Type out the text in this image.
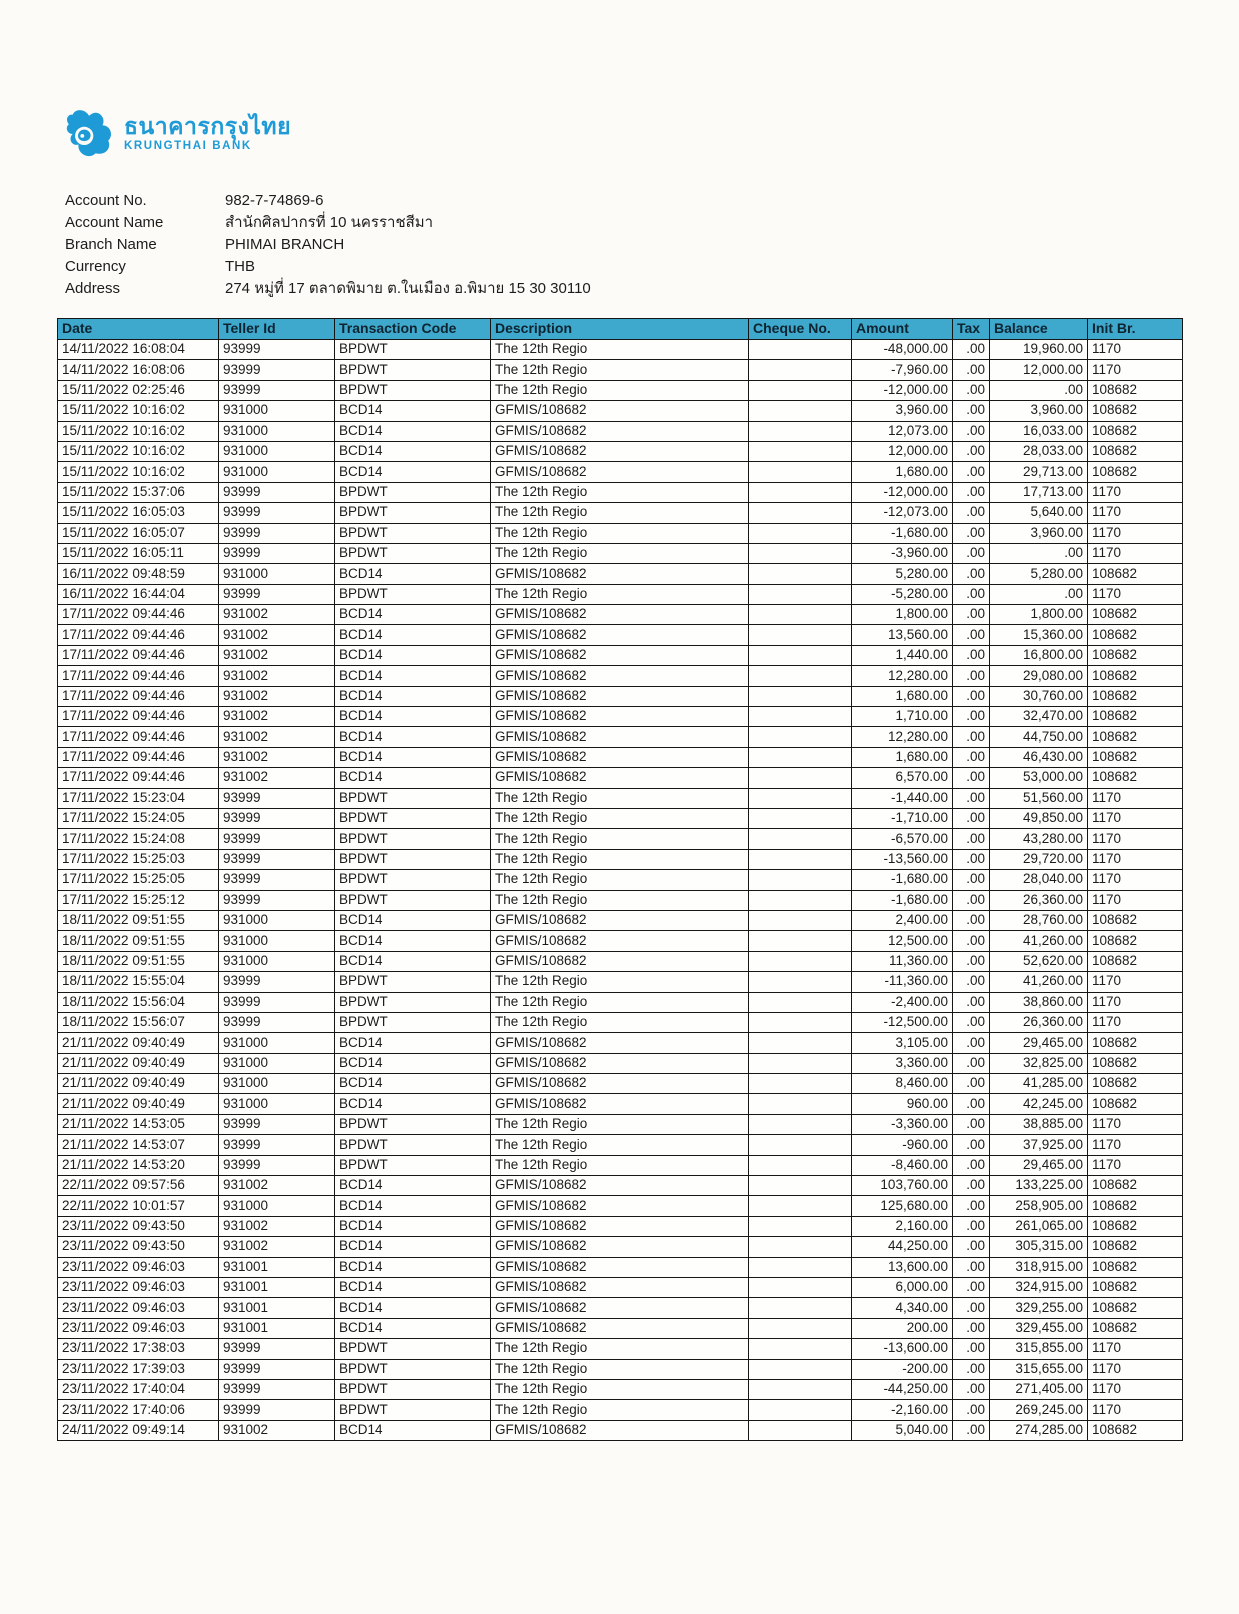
ธนาคารกรุงไทย
KRUNGTHAI BANK
Account No.	982-7-74869-6
Account Name	สำนักศิลปากรที่ 10 นครราชสีมา
Branch Name	PHIMAI BRANCH
Currency	THB
Address	274 หมู่ที่ 17 ตลาดพิมาย ต.ในเมือง อ.พิมาย 15 30 30110
Date	Teller Id	Transaction Code	Description	Cheque No.	Amount	Tax	Balance	Init Br.
14/11/2022 16:08:04	93999	BPDWT	The 12th Regio		-48,000.00	.00	19,960.00	1170
14/11/2022 16:08:06	93999	BPDWT	The 12th Regio		-7,960.00	.00	12,000.00	1170
15/11/2022 02:25:46	93999	BPDWT	The 12th Regio		-12,000.00	.00	.00	108682
15/11/2022 10:16:02	931000	BCD14	GFMIS/108682		3,960.00	.00	3,960.00	108682
15/11/2022 10:16:02	931000	BCD14	GFMIS/108682		12,073.00	.00	16,033.00	108682
15/11/2022 10:16:02	931000	BCD14	GFMIS/108682		12,000.00	.00	28,033.00	108682
15/11/2022 10:16:02	931000	BCD14	GFMIS/108682		1,680.00	.00	29,713.00	108682
15/11/2022 15:37:06	93999	BPDWT	The 12th Regio		-12,000.00	.00	17,713.00	1170
15/11/2022 16:05:03	93999	BPDWT	The 12th Regio		-12,073.00	.00	5,640.00	1170
15/11/2022 16:05:07	93999	BPDWT	The 12th Regio		-1,680.00	.00	3,960.00	1170
15/11/2022 16:05:11	93999	BPDWT	The 12th Regio		-3,960.00	.00	.00	1170
16/11/2022 09:48:59	931000	BCD14	GFMIS/108682		5,280.00	.00	5,280.00	108682
16/11/2022 16:44:04	93999	BPDWT	The 12th Regio		-5,280.00	.00	.00	1170
17/11/2022 09:44:46	931002	BCD14	GFMIS/108682		1,800.00	.00	1,800.00	108682
17/11/2022 09:44:46	931002	BCD14	GFMIS/108682		13,560.00	.00	15,360.00	108682
17/11/2022 09:44:46	931002	BCD14	GFMIS/108682		1,440.00	.00	16,800.00	108682
17/11/2022 09:44:46	931002	BCD14	GFMIS/108682		12,280.00	.00	29,080.00	108682
17/11/2022 09:44:46	931002	BCD14	GFMIS/108682		1,680.00	.00	30,760.00	108682
17/11/2022 09:44:46	931002	BCD14	GFMIS/108682		1,710.00	.00	32,470.00	108682
17/11/2022 09:44:46	931002	BCD14	GFMIS/108682		12,280.00	.00	44,750.00	108682
17/11/2022 09:44:46	931002	BCD14	GFMIS/108682		1,680.00	.00	46,430.00	108682
17/11/2022 09:44:46	931002	BCD14	GFMIS/108682		6,570.00	.00	53,000.00	108682
17/11/2022 15:23:04	93999	BPDWT	The 12th Regio		-1,440.00	.00	51,560.00	1170
17/11/2022 15:24:05	93999	BPDWT	The 12th Regio		-1,710.00	.00	49,850.00	1170
17/11/2022 15:24:08	93999	BPDWT	The 12th Regio		-6,570.00	.00	43,280.00	1170
17/11/2022 15:25:03	93999	BPDWT	The 12th Regio		-13,560.00	.00	29,720.00	1170
17/11/2022 15:25:05	93999	BPDWT	The 12th Regio		-1,680.00	.00	28,040.00	1170
17/11/2022 15:25:12	93999	BPDWT	The 12th Regio		-1,680.00	.00	26,360.00	1170
18/11/2022 09:51:55	931000	BCD14	GFMIS/108682		2,400.00	.00	28,760.00	108682
18/11/2022 09:51:55	931000	BCD14	GFMIS/108682		12,500.00	.00	41,260.00	108682
18/11/2022 09:51:55	931000	BCD14	GFMIS/108682		11,360.00	.00	52,620.00	108682
18/11/2022 15:55:04	93999	BPDWT	The 12th Regio		-11,360.00	.00	41,260.00	1170
18/11/2022 15:56:04	93999	BPDWT	The 12th Regio		-2,400.00	.00	38,860.00	1170
18/11/2022 15:56:07	93999	BPDWT	The 12th Regio		-12,500.00	.00	26,360.00	1170
21/11/2022 09:40:49	931000	BCD14	GFMIS/108682		3,105.00	.00	29,465.00	108682
21/11/2022 09:40:49	931000	BCD14	GFMIS/108682		3,360.00	.00	32,825.00	108682
21/11/2022 09:40:49	931000	BCD14	GFMIS/108682		8,460.00	.00	41,285.00	108682
21/11/2022 09:40:49	931000	BCD14	GFMIS/108682		960.00	.00	42,245.00	108682
21/11/2022 14:53:05	93999	BPDWT	The 12th Regio		-3,360.00	.00	38,885.00	1170
21/11/2022 14:53:07	93999	BPDWT	The 12th Regio		-960.00	.00	37,925.00	1170
21/11/2022 14:53:20	93999	BPDWT	The 12th Regio		-8,460.00	.00	29,465.00	1170
22/11/2022 09:57:56	931002	BCD14	GFMIS/108682		103,760.00	.00	133,225.00	108682
22/11/2022 10:01:57	931000	BCD14	GFMIS/108682		125,680.00	.00	258,905.00	108682
23/11/2022 09:43:50	931002	BCD14	GFMIS/108682		2,160.00	.00	261,065.00	108682
23/11/2022 09:43:50	931002	BCD14	GFMIS/108682		44,250.00	.00	305,315.00	108682
23/11/2022 09:46:03	931001	BCD14	GFMIS/108682		13,600.00	.00	318,915.00	108682
23/11/2022 09:46:03	931001	BCD14	GFMIS/108682		6,000.00	.00	324,915.00	108682
23/11/2022 09:46:03	931001	BCD14	GFMIS/108682		4,340.00	.00	329,255.00	108682
23/11/2022 09:46:03	931001	BCD14	GFMIS/108682		200.00	.00	329,455.00	108682
23/11/2022 17:38:03	93999	BPDWT	The 12th Regio		-13,600.00	.00	315,855.00	1170
23/11/2022 17:39:03	93999	BPDWT	The 12th Regio		-200.00	.00	315,655.00	1170
23/11/2022 17:40:04	93999	BPDWT	The 12th Regio		-44,250.00	.00	271,405.00	1170
23/11/2022 17:40:06	93999	BPDWT	The 12th Regio		-2,160.00	.00	269,245.00	1170
24/11/2022 09:49:14	931002	BCD14	GFMIS/108682		5,040.00	.00	274,285.00	108682
